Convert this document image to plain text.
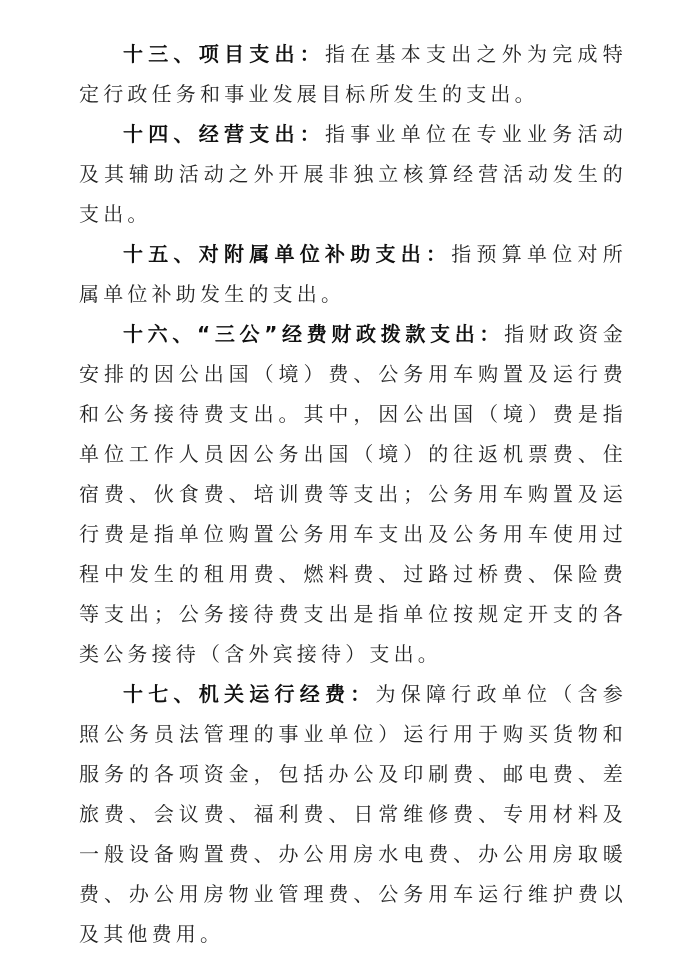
十三、项目支出：指在基本支出之外为完成特定行政任务和事业发展目标所发生的支出。

十四、经营支出：指事业单位在专业业务活动及其辅助活动之外开展非独立核算经营活动发生的支出。

十五、对附属单位补助支出：指预算单位对所属单位补助发生的支出。

十六、“三公”经费财政拨款支出：指财政资金安排的因公出国（境）费、公务用车购置及运行费和公务接待费支出。其中，因公出国（境）费是指单位工作人员因公务出国（境）的往返机票费、住宿费、伙食费、培训费等支出；公务用车购置及运行费是指单位购置公务用车支出及公务用车使用过程中发生的租用费、燃料费、过路过桥费、保险费等支出；公务接待费支出是指单位按规定开支的各类公务接待（含外宾接待）支出。

十七、机关运行经费：为保障行政单位（含参照公务员法管理的事业单位）运行用于购买货物和服务的各项资金，包括办公及印刷费、邮电费、差旅费、会议费、福利费、日常维修费、专用材料及一般设备购置费、办公用房水电费、办公用房取暖费、办公用房物业管理费、公务用车运行维护费以及其他费用。
